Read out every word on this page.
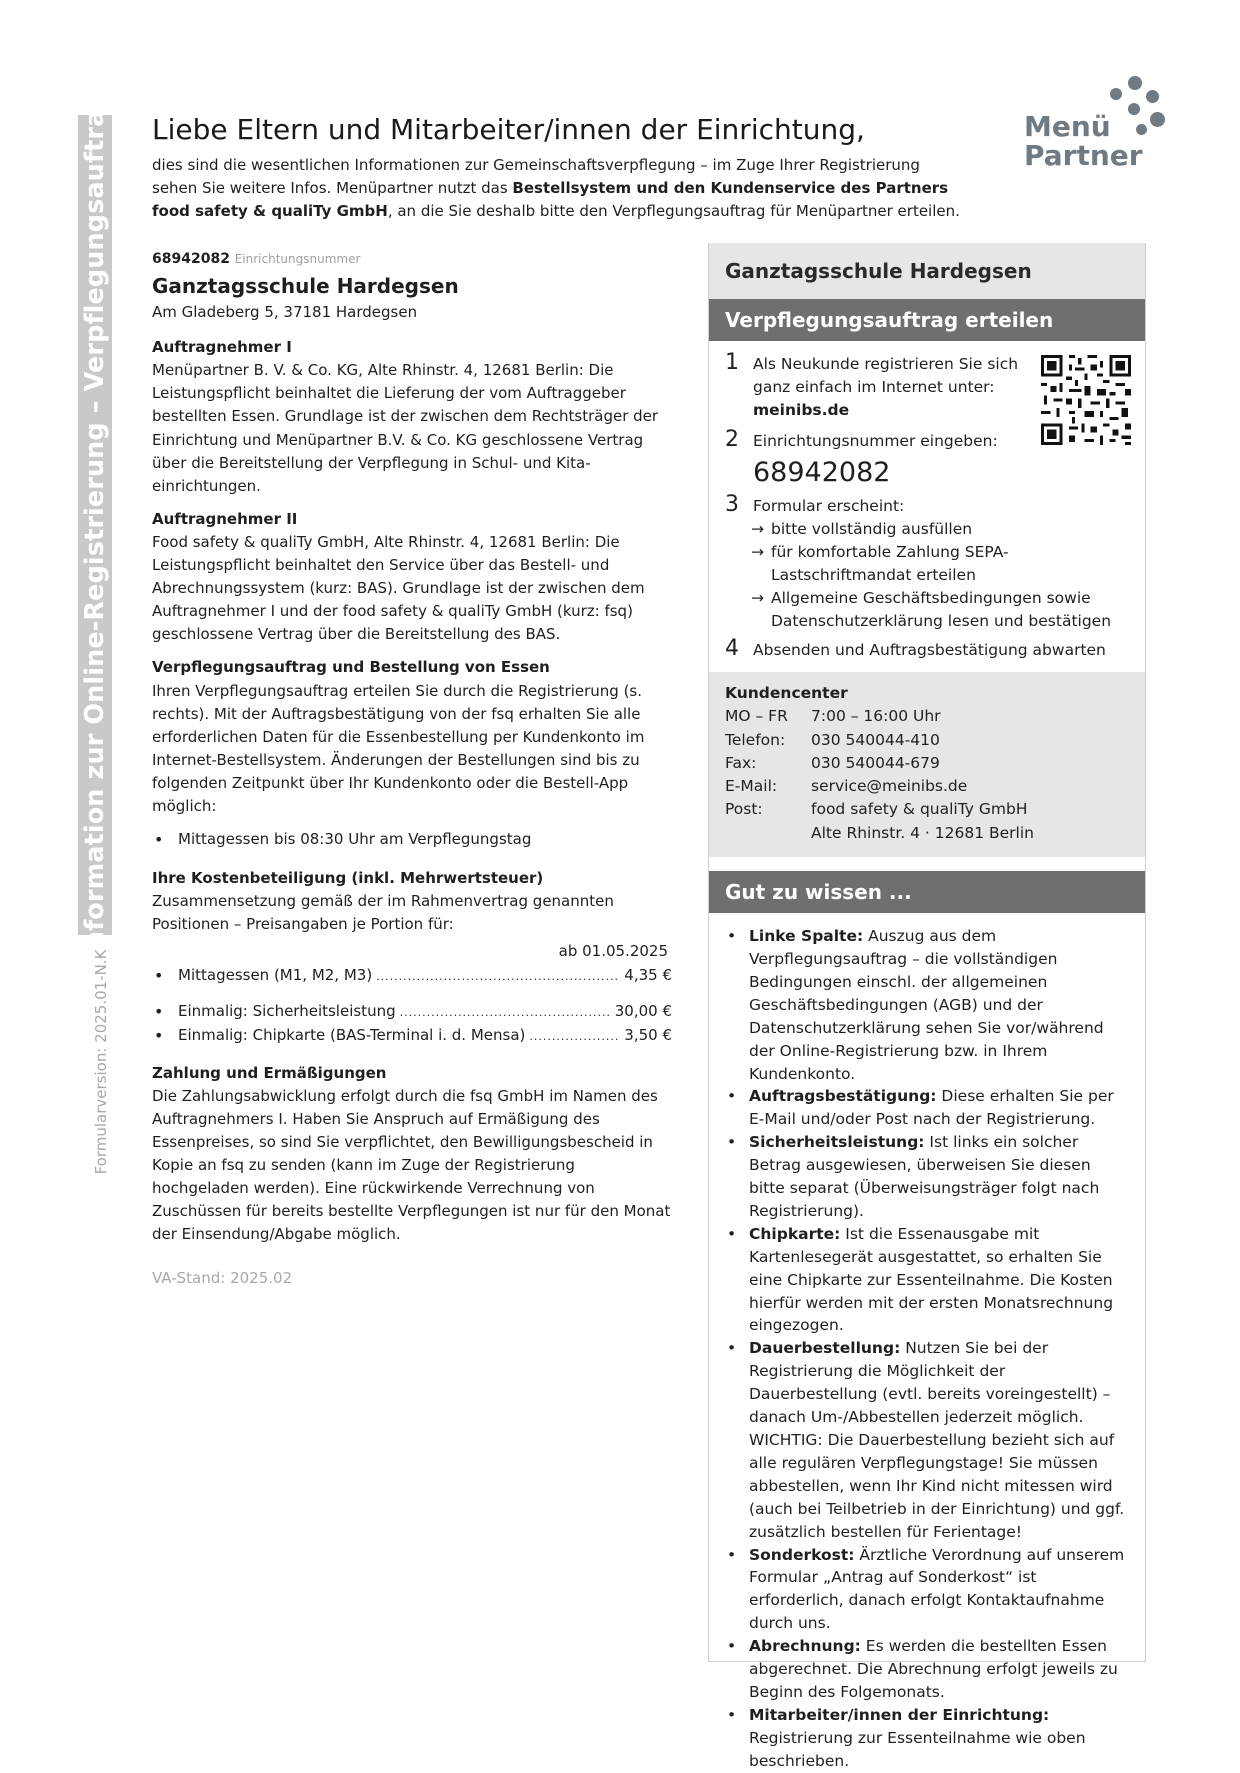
Information zur Online-Registrierung – Verpflegungsauftrag
Formularversion: 2025.01-N.K
Menü
Partner
Liebe Eltern und Mitarbeiter/innen der Einrichtung,
dies sind die wesentlichen Informationen zur Gemeinschaftsverpflegung – im Zuge Ihrer Registrierung
sehen Sie weitere Infos. Menüpartner nutzt das Bestellsystem und den Kundenservice des Partners
food safety & qualiTy GmbH, an die Sie deshalb bitte den Verpflegungsauftrag für Menüpartner erteilen.

68942082 Einrichtungsnummer

Ganztagsschule Hardegsen

Am Gladeberg 5, 37181 Hardegsen

Auftragnehmer I

Menüpartner B. V. & Co. KG, Alte Rhinstr. 4, 12681 Berlin: Die Leistungspflicht beinhaltet die Lieferung der vom Auftraggeber bestellten Essen. Grundlage ist der zwischen dem Rechtsträger der Einrichtung und Menüpartner B.V. & Co. KG geschlossene Vertrag über die Bereitstellung der Verpflegung in Schul- und Kita-einrichtungen.

Auftragnehmer II

Food safety & qualiTy GmbH, Alte Rhinstr. 4, 12681 Berlin: Die Leistungspflicht beinhaltet den Service über das Bestell- und Abrechnungssystem (kurz: BAS). Grundlage ist der zwischen dem Auftragnehmer I und der food safety & qualiTy GmbH (kurz: fsq) geschlossene Vertrag über die Bereitstellung des BAS.

Verpflegungsauftrag und Bestellung von Essen

Ihren Verpflegungsauftrag erteilen Sie durch die Registrierung (s. rechts). Mit der Auftragsbestätigung von der fsq erhalten Sie alle erforderlichen Daten für die Essenbestellung per Kundenkonto im Internet-Bestellsystem. Änderungen der Bestellungen sind bis zu folgenden Zeitpunkt über Ihr Kundenkonto oder die Bestell-App möglich:

• Mittagessen bis 08:30 Uhr am Verpflegungstag

Ihre Kostenbeteiligung (inkl. Mehrwertsteuer)

Zusammensetzung gemäß der im Rahmenvertrag genannten Positionen – Preisangaben je Portion für:

ab 01.05.2025

• Mittagessen (M1, M2, M3) .....	4,35 €
• Einmalig: Sicherheitsleistung .....	30,00 €
• Einmalig: Chipkarte (BAS-Terminal i. d. Mensa) .....	3,50 €

Zahlung und Ermäßigungen

Die Zahlungsabwicklung erfolgt durch die fsq GmbH im Namen des Auftragnehmers I. Haben Sie Anspruch auf Ermäßigung des Essenpreises, so sind Sie verpflichtet, den Bewilligungsbescheid in Kopie an fsq zu senden (kann im Zuge der Registrierung hochgeladen werden). Eine rückwirkende Verrechnung von Zuschüssen für bereits bestellte Verpflegungen ist nur für den Monat der Einsendung/Abgabe möglich.

VA-Stand: 2025.02

Ganztagsschule Hardegsen
Verpflegungsauftrag erteilen
1 Als Neukunde registrieren Sie sich ganz einfach im Internet unter:
meinibs.de
2 Einrichtungsnummer eingeben:
68942082
3 Formular erscheint:
→ bitte vollständig ausfüllen
→ für komfortable Zahlung SEPA-Lastschriftmandat erteilen
→ Allgemeine Geschäftsbedingungen sowie Datenschutzerklärung lesen und bestätigen
4 Absenden und Auftragsbestätigung abwarten
Kundencenter
MO – FR	7:00 – 16:00 Uhr
Telefon:	030 540044-410
Fax:	030 540044-679
E-Mail:	service@meinibs.de
Post:	food safety & qualiTy GmbH
Alte Rhinstr. 4 · 12681 Berlin
Gut zu wissen ...
• Linke Spalte: Auszug aus dem Verpflegungsauftrag – die vollständigen Bedingungen einschl. der allgemeinen Geschäftsbedingungen (AGB) und der Datenschutzerklärung sehen Sie vor/während der Online-Registrierung bzw. in Ihrem Kundenkonto.
• Auftragsbestätigung: Diese erhalten Sie per E-Mail und/oder Post nach der Registrierung.
• Sicherheitsleistung: Ist links ein solcher Betrag ausgewiesen, überweisen Sie diesen bitte separat (Überweisungsträger folgt nach Registrierung).
• Chipkarte: Ist die Essenausgabe mit Kartenlesegerät ausgestattet, so erhalten Sie eine Chipkarte zur Essenteilnahme. Die Kosten hierfür werden mit der ersten Monatsrechnung eingezogen.
• Dauerbestellung: Nutzen Sie bei der Registrierung die Möglichkeit der Dauerbestellung (evtl. bereits voreingestellt) – danach Um-/Abbestellen jederzeit möglich. WICHTIG: Die Dauerbestellung bezieht sich auf alle regulären Verpflegungstage! Sie müssen abbestellen, wenn Ihr Kind nicht mitessen wird (auch bei Teilbetrieb in der Einrichtung) und ggf. zusätzlich bestellen für Ferientage!
• Sonderkost: Ärztliche Verordnung auf unserem Formular „Antrag auf Sonderkost“ ist erforderlich, danach erfolgt Kontaktaufnahme durch uns.
• Abrechnung: Es werden die bestellten Essen abgerechnet. Die Abrechnung erfolgt jeweils zu Beginn des Folgemonats.
• Mitarbeiter/innen der Einrichtung: Registrierung zur Essenteilnahme wie oben beschrieben.
